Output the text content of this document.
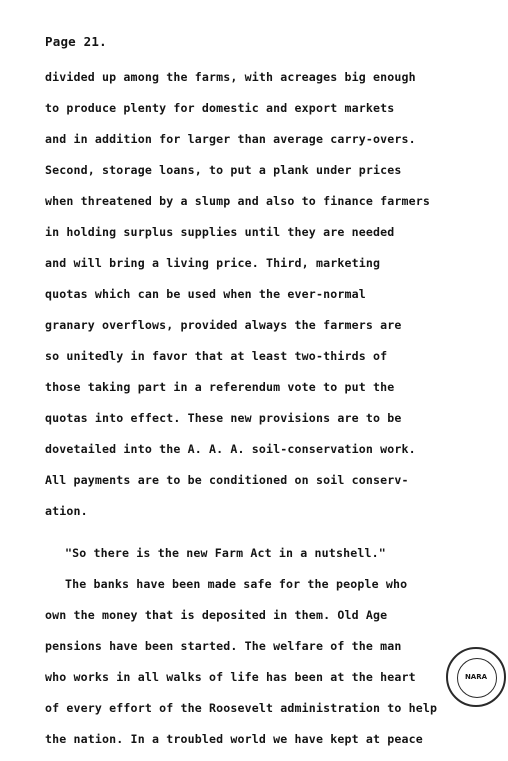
Page 21.
divided up among the farms, with acreages big enough
to produce plenty for domestic and export markets
and in addition for larger than average carry-overs.
Second, storage loans, to put a plank under prices
when threatened by a slump and also to finance farmers
in holding surplus supplies until they are needed
and will bring a living price. Third, marketing
quotas which can be used when the ever-normal
granary overflows, provided always the farmers are
so unitedly in favor that at least two-thirds of
those taking part in a referendum vote to put the
quotas into effect. These new provisions are to be
dovetailed into the A. A. A. soil-conservation work.
All payments are to be conditioned on soil conserv-
ation.
"So there is the new Farm Act in a nutshell."
The banks have been made safe for the people who
own the money that is deposited in them. Old Age
pensions have been started. The welfare of the man
who works in all walks of life has been at the heart
of every effort of the Roosevelt administration to help
the nation. In a troubled world we have kept at peace
NARA
